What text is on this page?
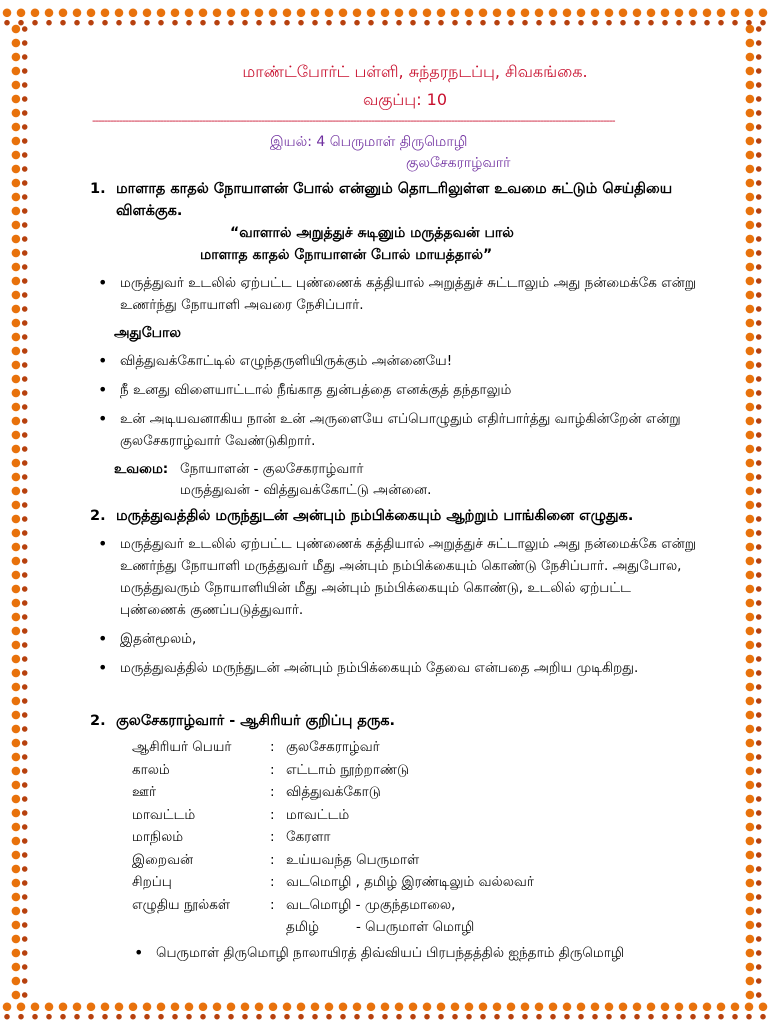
மாண்ட்போர்ட் பள்ளி, சுந்தரநடப்பு, சிவகங்கை.
வகுப்பு: 10
--------------------------------------------------------------------------------------------------------------------------------------------------------------------------------
இயல்: 4 பெருமாள் திருமொழி
குலசேகராழ்வார்
1. மாளாத காதல் நோயாளன் போல் என்னும் தொடரிலுள்ள உவமை சுட்டும் செய்தியை விளக்குக.
“வாளால் அறுத்துச் சுடினும் மருத்தவன் பால்
மாளாத காதல் நோயாளன் போல் மாயத்தால்”
• மருத்துவர் உடலில் ஏற்பட்ட புண்ணைக் கத்தியால் அறுத்துச் சுட்டாலும் அது நன்மைக்கே என்று உணர்ந்து நோயாளி அவரை நேசிப்பார்.
அதுபோல
• வித்துவக்கோட்டில் எழுந்தருளியிருக்கும் அன்னையே!
• நீ உனது விளையாட்டால் நீங்காத துன்பத்தை எனக்குத் தந்தாலும்
• உன் அடியவனாகிய நான் உன் அருளையே எப்பொழுதும் எதிர்பார்த்து வாழ்கின்றேன் என்று குலசேகராழ்வார் வேண்டுகிறார்.
உவமை: நோயாளன் - குலசேகராழ்வார்
மருத்துவன் - வித்துவக்கோட்டு அன்னை.
2. மருத்துவத்தில் மருந்துடன் அன்பும் நம்பிக்கையும் ஆற்றும் பாங்கினை எழுதுக.
• மருத்துவர் உடலில் ஏற்பட்ட புண்ணைக் கத்தியால் அறுத்துச் சுட்டாலும் அது நன்மைக்கே என்று உணர்ந்து நோயாளி மருத்துவர் மீது அன்பும் நம்பிக்கையும் கொண்டு நேசிப்பார். அதுபோல, மருத்துவரும் நோயாளியின் மீது அன்பும் நம்பிக்கையும் கொண்டு, உடலில் ஏற்பட்ட புண்ணைக் குணப்படுத்துவார்.
• இதன்மூலம்,
• மருத்துவத்தில் மருந்துடன் அன்பும் நம்பிக்கையும் தேவை என்பதை அறிய முடிகிறது.
2. குலசேகராழ்வார் - ஆசிரியர் குறிப்பு தருக.
ஆசிரியர் பெயர்	:	குலசேகராழ்வர்
காலம்	:	எட்டாம் நூற்றாண்டு
ஊர்	:	வித்துவக்கோடு
மாவட்டம்	:	மாவட்டம்
மாநிலம்	:	கேரளா
இறைவன்	:	உய்யவந்த பெருமாள்
சிறப்பு	:	வடமொழி , தமிழ் இரண்டிலும் வல்லவர்
எழுதிய நூல்கள்	:	வடமொழி - முகுந்தமாலை,
தமிழ்	- பெருமாள் மொழி
• பெருமாள் திருமொழி நாலாயிரத் திவ்வியப் பிரபந்தத்தில் ஐந்தாம் திருமொழி
